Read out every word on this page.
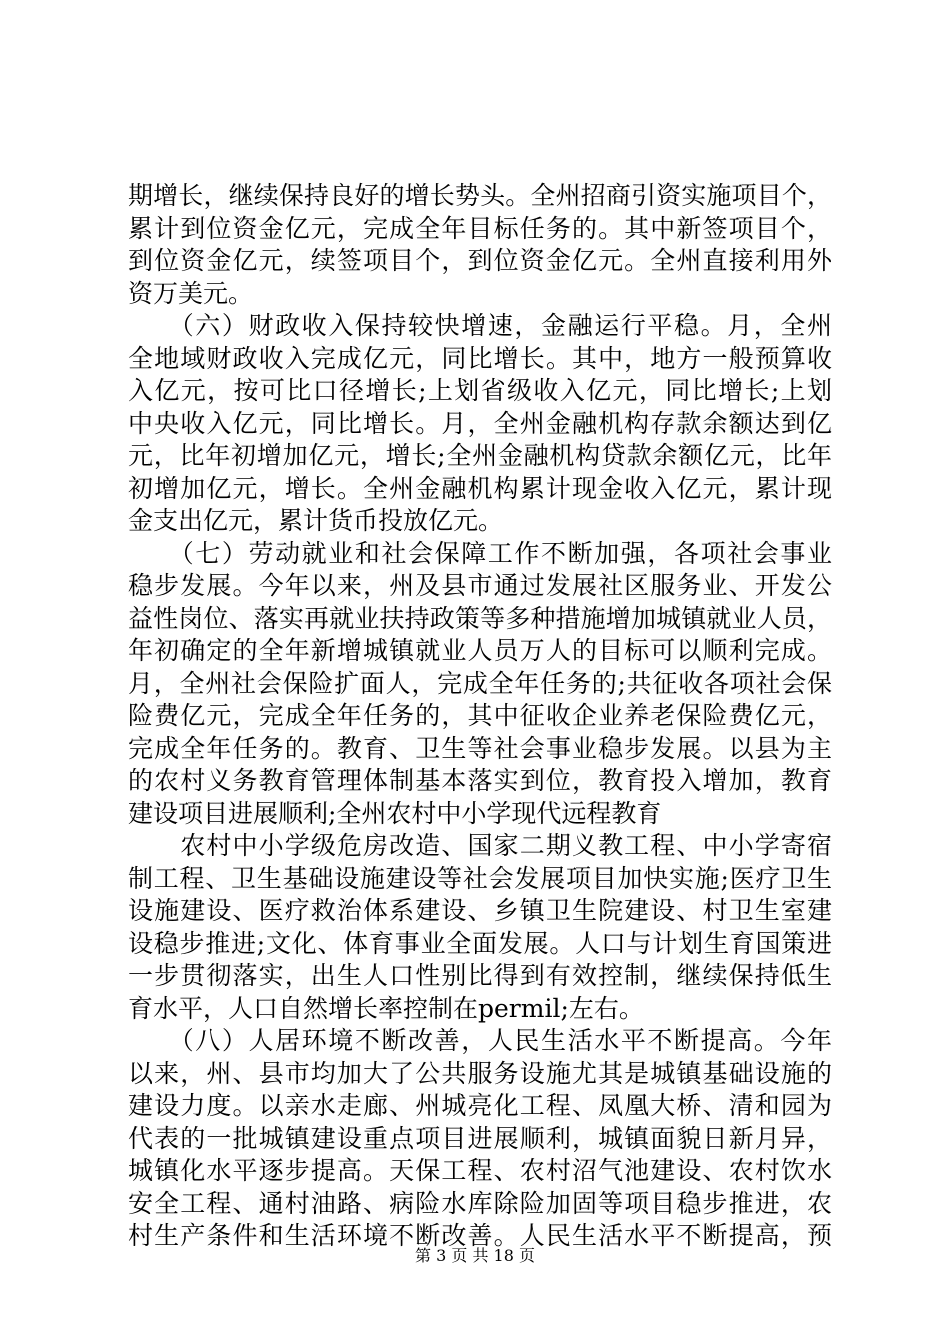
期增长，继续保持良好的增长势头。全州招商引资实施项目个，
累计到位资金亿元，完成全年目标任务的。其中新签项目个，
到位资金亿元，续签项目个，到位资金亿元。全州直接利用外
资万美元。
　　（六）财政收入保持较快增速，金融运行平稳。月，全州
全地域财政收入完成亿元，同比增长。其中，地方一般预算收
入亿元，按可比口径增长;上划省级收入亿元，同比增长;上划
中央收入亿元，同比增长。月，全州金融机构存款余额达到亿
元，比年初增加亿元，增长;全州金融机构贷款余额亿元，比年
初增加亿元，增长。全州金融机构累计现金收入亿元，累计现
金支出亿元，累计货币投放亿元。
　　（七）劳动就业和社会保障工作不断加强，各项社会事业
稳步发展。今年以来，州及县市通过发展社区服务业、开发公
益性岗位、落实再就业扶持政策等多种措施增加城镇就业人员，
年初确定的全年新增城镇就业人员万人的目标可以顺利完成。
月，全州社会保险扩面人，完成全年任务的;共征收各项社会保
险费亿元，完成全年任务的，其中征收企业养老保险费亿元，
完成全年任务的。教育、卫生等社会事业稳步发展。以县为主
的农村义务教育管理体制基本落实到位，教育投入增加，教育
建设项目进展顺利;全州农村中小学现代远程教育
　　农村中小学级危房改造、国家二期义教工程、中小学寄宿
制工程、卫生基础设施建设等社会发展项目加快实施;医疗卫生
设施建设、医疗救治体系建设、乡镇卫生院建设、村卫生室建
设稳步推进;文化、体育事业全面发展。人口与计划生育国策进
一步贯彻落实，出生人口性别比得到有效控制，继续保持低生
育水平，人口自然增长率控制在permil;左右。
　　（八）人居环境不断改善，人民生活水平不断提高。今年
以来，州、县市均加大了公共服务设施尤其是城镇基础设施的
建设力度。以亲水走廊、州城亮化工程、凤凰大桥、清和园为
代表的一批城镇建设重点项目进展顺利，城镇面貌日新月异，
城镇化水平逐步提高。天保工程、农村沼气池建设、农村饮水
安全工程、通村油路、病险水库除险加固等项目稳步推进，农
村生产条件和生活环境不断改善。人民生活水平不断提高，预
第 3 页 共 18 页
